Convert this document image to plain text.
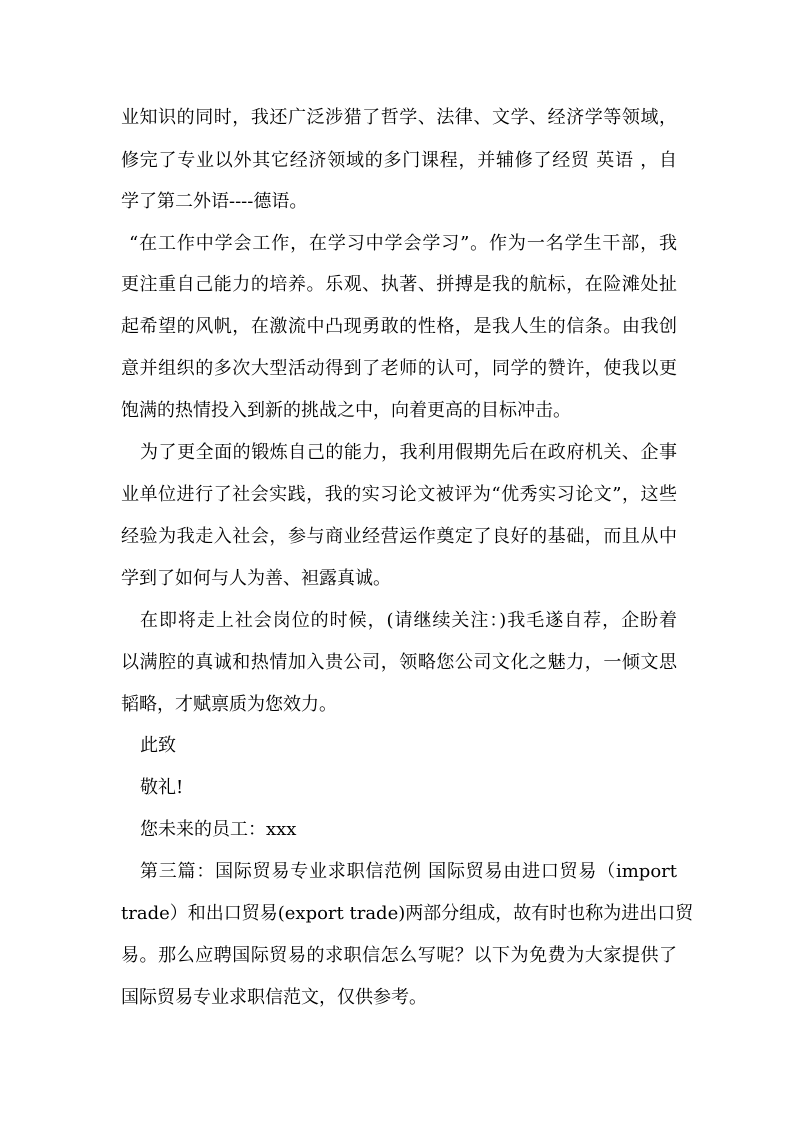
业知识的同时，我还广泛涉猎了哲学、法律、文学、经济学等领域，
修完了专业以外其它经济领域的多门课程，并辅修了经贸 英语 ，自
学了第二外语----德语。
“在工作中学会工作，在学习中学会学习”。作为一名学生干部，我
更注重自己能力的培养。乐观、执著、拼搏是我的航标，在险滩处扯
起希望的风帆，在激流中凸现勇敢的性格，是我人生的信条。由我创
意并组织的多次大型活动得到了老师的认可，同学的赞许，使我以更
饱满的热情投入到新的挑战之中，向着更高的目标冲击。
为了更全面的锻炼自己的能力，我利用假期先后在政府机关、企事
业单位进行了社会实践，我的实习论文被评为“优秀实习论文”，这些
经验为我走入社会，参与商业经营运作奠定了良好的基础，而且从中
学到了如何与人为善、袒露真诚。
在即将走上社会岗位的时候，(请继续关注：)我毛遂自荐，企盼着
以满腔的真诚和热情加入贵公司，领略您公司文化之魅力，一倾文思
韬略，才赋禀质为您效力。
此致
敬礼!
您未来的员工：xxx
第三篇：国际贸易专业求职信范例 国际贸易由进口贸易（import
trade）和出口贸易(export trade)两部分组成，故有时也称为进出口贸
易。那么应聘国际贸易的求职信怎么写呢？以下为免费为大家提供了
国际贸易专业求职信范文，仅供参考。
